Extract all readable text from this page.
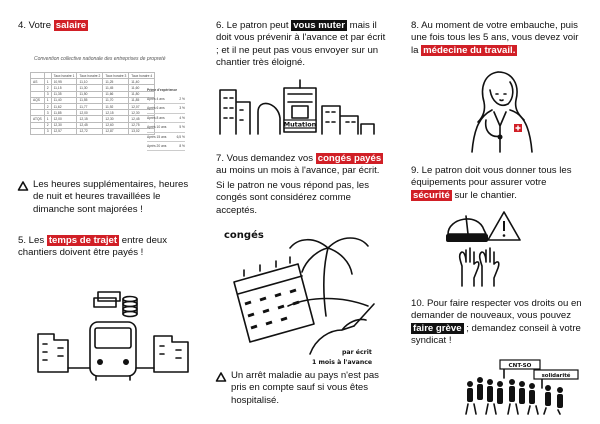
4. Votre salaire
Convention collective nationale des entreprises de propreté
		Taux horaire 1	Taux horaire 2	Taux horaire 3	Taux horaire 4
AS	1	10,95	11,10	11,25	11,40
	2	11,15	11,30	11,45	11,60
	3	11,35	11,50	11,66	11,80
AQS	1	11,40	11,55	11,70	11,85
	2	11,62	11,77	11,92	12,07
	3	11,85	12,00	12,15	12,30
ATQS	1	12,00	12,15	12,30	12,45
	2	12,30	12,45	12,60	12,75
	3	12,57	12,72	12,87	13,02
Prime d'expérience
Après 4 ans	2 %
Après 6 ans	3 %
Après 8 ans	4 %
Après 10 ans	5 %
Après 15 ans	6,5 %
Après 20 ans	8 %
Les heures supplémentaires, heures de nuit et heures travaillées le dimanche sont majorées !
5. Les temps de trajet entre deux chantiers doivent être payés !
6. Le patron peut vous muter mais il doit vous prévenir à l'avance et par écrit ; et il ne peut pas vous envoyer sur un chantier très éloigné.
Mutation
7. Vous demandez vos congés payés au moins un mois à l'avance, par écrit.
Si le patron ne vous répond pas, les congés sont considérez comme acceptés.
congés
par écrit
1 mois à l'avance
Un arrêt maladie au pays n'est pas pris en compte sauf si vous êtes hospitalisé.
8. Au moment de votre embauche, puis une fois tous les 5 ans, vous devez voir la médecine du travail.
9. Le patron doit vous donner tous les équipements pour assurer votre sécurité sur le chantier.
10. Pour faire respecter vos droits ou en demander de nouveaux, vous pouvez faire grève ; demandez conseil à votre syndicat !
CNT-SO
solidarité
